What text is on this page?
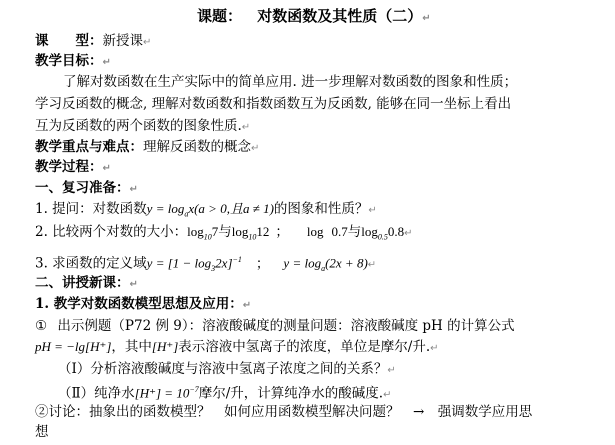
课题： 对数函数及其性质（二）↵
课　　型：新授课↵
教学目标：↵
了解对数函数在生产实际中的简单应用. 进一步理解对数函数的图象和性质；
学习反函数的概念, 理解对数函数和指数函数互为反函数, 能够在同一坐标上看出
互为反函数的两个函数的图象性质.↵
教学重点与难点：理解反函数的概念↵
教学过程：↵
一、复习准备：↵
1. 提问：对数函数$y = \log_ax(a > 0$,且a ≠ 1)的图象和性质？↵
2. 比较两个对数的大小：$\log_{10}7$与$\log_{10}12$ ； log 0.7与$\log_{0.5}0.8↵$
3. 求函数的定义域$y = [1 - \log_32x]^{-1}$ ； $y = \log_a(2x$ + 8)↵
二、讲授新课：↵
1. 教学对数函数模型思想及应用：↵
① 出示例题（P72 例 9）：溶液酸碱度的测量问题：溶液酸碱度 pH 的计算公式
pH = −lg[H⁺]，其中[H⁺]表示溶液中氢离子的浓度，单位是摩尔/升.↵
（Ⅰ）分析溶液酸碱度与溶液中氢离子浓度之间的关系？↵
（Ⅱ）纯净水$[H^+] = 10^{-7}$摩尔/升，计算纯净水的酸碱度.↵
②讨论：抽象出的函数模型？　如何应用函数模型解决问题？　→　强调数学应用思
想
